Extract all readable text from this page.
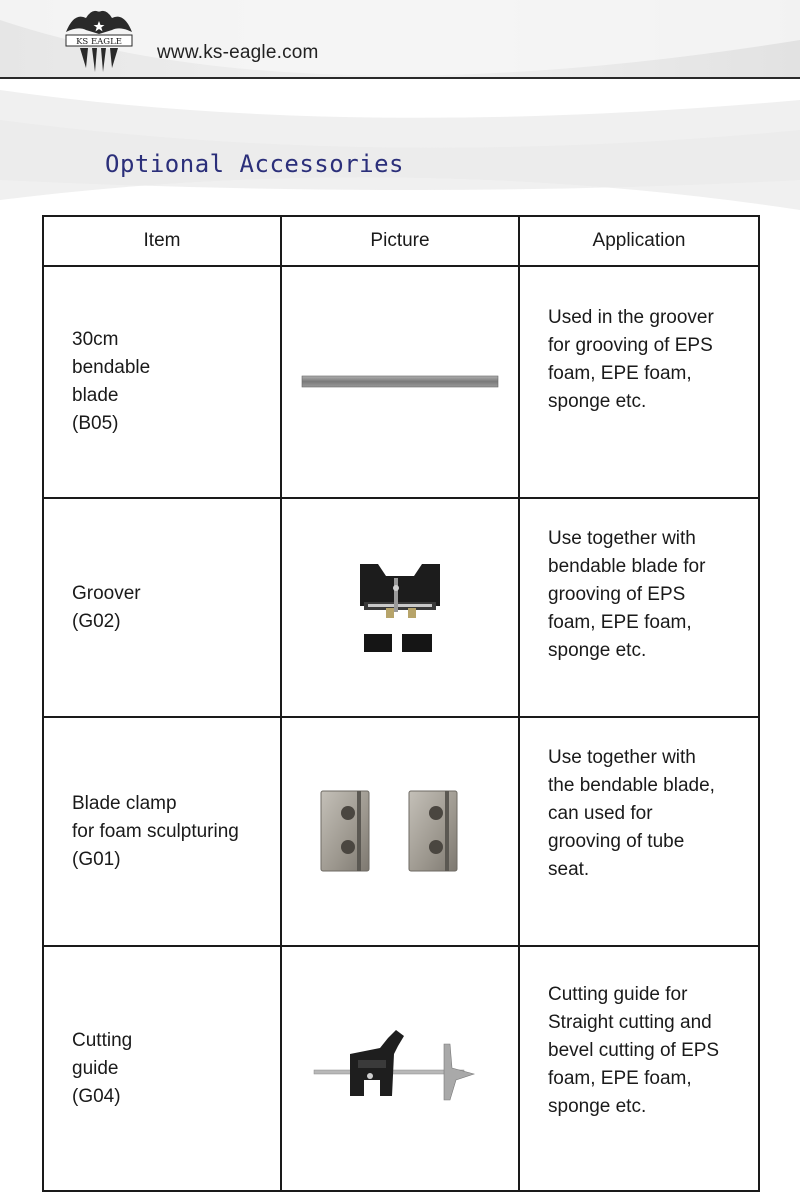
KS EAGLE www.ks-eagle.com
Optional Accessories
Item	Picture	Application

30cm
bendable
blade
(B05)		Used in the groover
for grooving of EPS
foam, EPE foam,
sponge etc.

Groover
(G02)		Use together with
bendable blade for
grooving of EPS
foam, EPE foam,
sponge etc.

Blade clamp
for foam sculpturing
(G01)		Use together with
the bendable blade,
can used for
grooving of tube
seat.

Cutting
guide
(G04)		Cutting guide for
Straight cutting and
bevel cutting of EPS
foam, EPE foam,
sponge etc.
